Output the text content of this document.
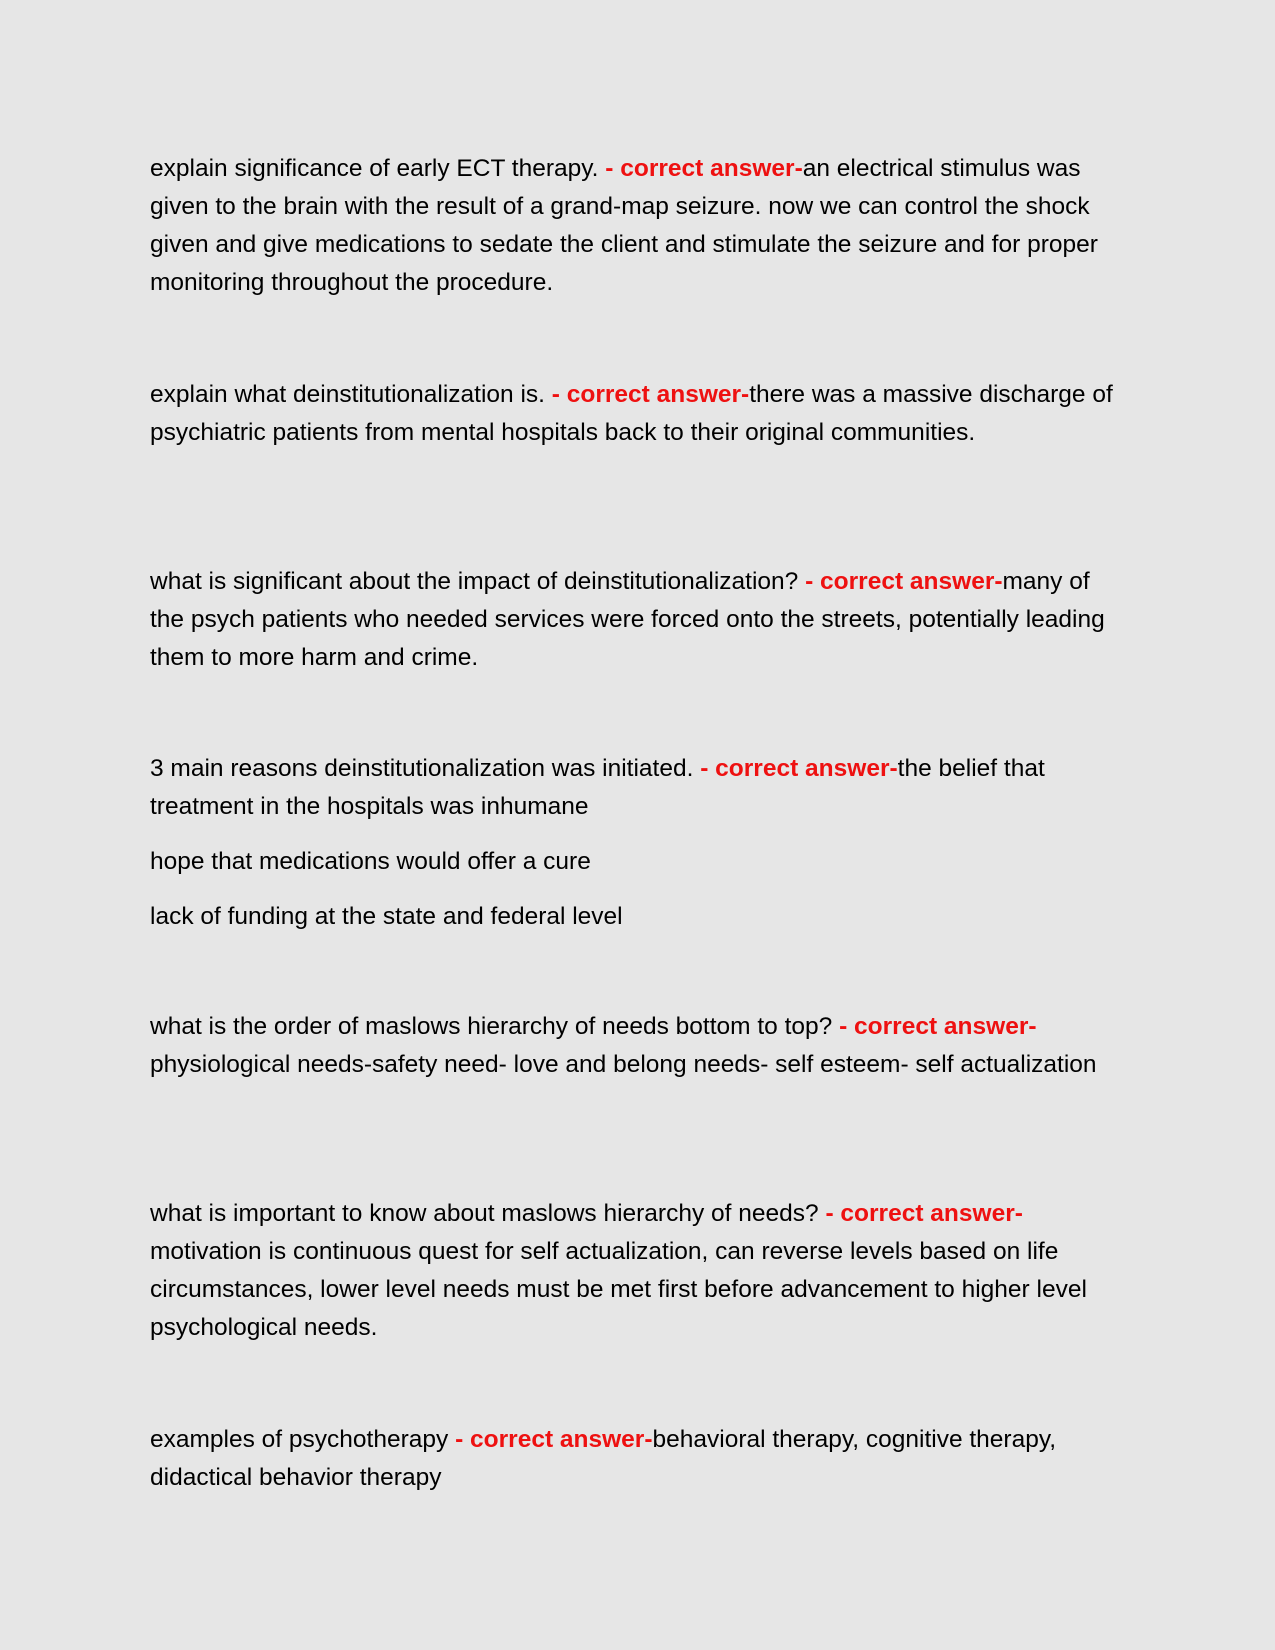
explain significance of early ECT therapy. - correct answer-an electrical stimulus was given to the brain with the result of a grand-map seizure. now we can control the shock given and give medications to sedate the client and stimulate the seizure and for proper monitoring throughout the procedure.

explain what deinstitutionalization is. - correct answer-there was a massive discharge of psychiatric patients from mental hospitals back to their original communities.

what is significant about the impact of deinstitutionalization? - correct answer-many of the psych patients who needed services were forced onto the streets, potentially leading them to more harm and crime.

3 main reasons deinstitutionalization was initiated. - correct answer-the belief that treatment in the hospitals was inhumane

hope that medications would offer a cure

lack of funding at the state and federal level

what is the order of maslows hierarchy of needs bottom to top? - correct answer-physiological needs-safety need- love and belong needs- self esteem- self actualization

what is important to know about maslows hierarchy of needs? - correct answer-motivation is continuous quest for self actualization, can reverse levels based on life circumstances, lower level needs must be met first before advancement to higher level psychological needs.

examples of psychotherapy - correct answer-behavioral therapy, cognitive therapy, didactical behavior therapy
